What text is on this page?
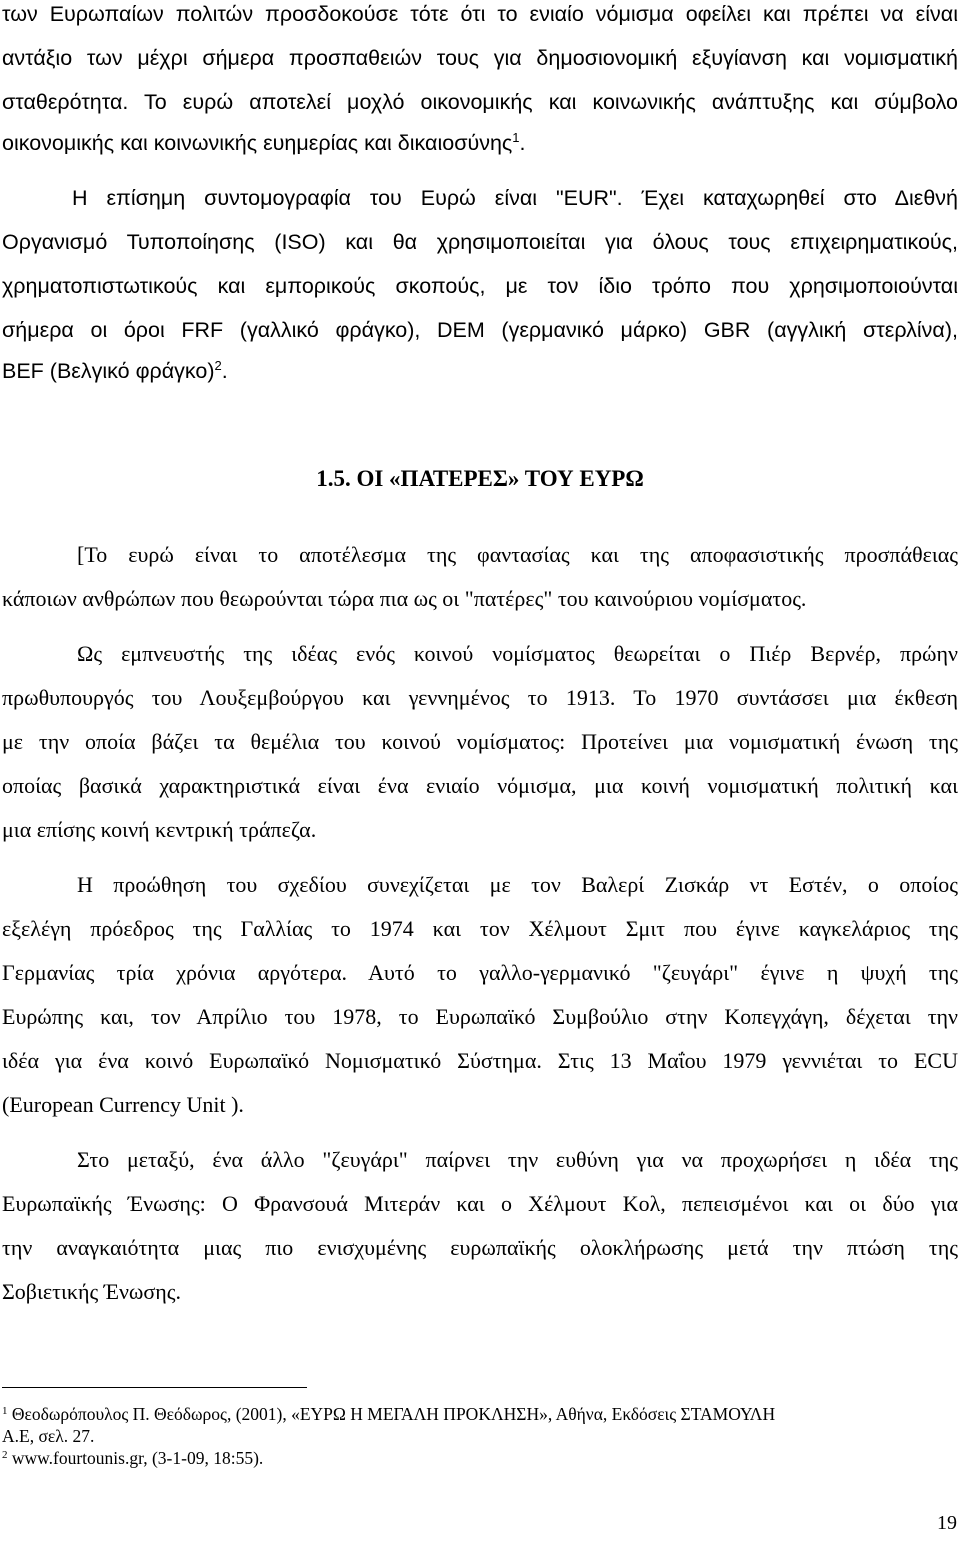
των Ευρωπαίων πολιτών προσδοκούσε τότε ότι το ενιαίο νόμισμα οφείλει και πρέπει να είναι
αντάξιο των μέχρι σήμερα προσπαθειών τους για δημοσιονομική εξυγίανση και νομισματική
σταθερότητα. Το ευρώ αποτελεί μοχλό οικονομικής και κοινωνικής ανάπτυξης και σύμβολο
οικονομικής και κοινωνικής ευημερίας και δικαιοσύνης$^1$.
Η επίσημη συντομογραφία του Ευρώ είναι "EUR". Έχει καταχωρηθεί στο Διεθνή
Οργανισμό Τυποποίησης (ISO) και θα χρησιμοποιείται για όλους τους επιχειρηματικούς,
χρηματοπιστωτικούς και εμπορικούς σκοπούς, με τον ίδιο τρόπο που χρησιμοποιούνται
σήμερα οι όροι FRF (γαλλικό φράγκο), DEM (γερμανικό μάρκο) GBR (αγγλική στερλίνα),
BEF (Βελγικό φράγκο)$^2$.
1.5. ΟΙ «ΠΑΤΕΡΕΣ» ΤΟΥ ΕΥΡΩ
[Το ευρώ είναι το αποτέλεσμα της φαντασίας και της αποφασιστικής προσπάθειας
κάποιων ανθρώπων που θεωρούνται τώρα πια ως οι "πατέρες" του καινούριου νομίσματος.
Ως εμπνευστής της ιδέας ενός κοινού νομίσματος θεωρείται ο Πιέρ Βερνέρ, πρώην
πρωθυπουργός του Λουξεμβούργου και γεννημένος το 1913. Το 1970 συντάσσει μια έκθεση
με την οποία βάζει τα θεμέλια του κοινού νομίσματος: Προτείνει μια νομισματική ένωση της
οποίας βασικά χαρακτηριστικά είναι ένα ενιαίο νόμισμα, μια κοινή νομισματική πολιτική και
μια επίσης κοινή κεντρική τράπεζα.
Η προώθηση του σχεδίου συνεχίζεται με τον Βαλερί Ζισκάρ ντ Εστέν, ο οποίος
εξελέγη πρόεδρος της Γαλλίας το 1974 και τον Χέλμουτ Σμιτ που έγινε καγκελάριος της
Γερμανίας τρία χρόνια αργότερα. Αυτό το γαλλο-γερμανικό "ζευγάρι" έγινε η ψυχή της
Ευρώπης και, τον Απρίλιο του 1978, το Ευρωπαϊκό Συμβούλιο στην Κοπεγχάγη, δέχεται την
ιδέα για ένα κοινό Ευρωπαϊκό Νομισματικό Σύστημα. Στις 13 Μαΐου 1979 γεννιέται το ECU
(European Currency Unit ).
Στο μεταξύ, ένα άλλο "ζευγάρι" παίρνει την ευθύνη για να προχωρήσει η ιδέα της
Ευρωπαϊκής Ένωσης: Ο Φρανσουά Μιτεράν και ο Χέλμουτ Κολ, πεπεισμένοι και οι δύο για
την αναγκαιότητα μιας πιο ενισχυμένης ευρωπαϊκής ολοκλήρωσης μετά την πτώση της
Σοβιετικής Ένωσης.
$^1$ Θεοδωρόπουλος Π. Θεόδωρος, (2001), «ΕΥΡΩ Η ΜΕΓΑΛΗ ΠΡΟΚΛΗΣΗ», Αθήνα, Εκδόσεις ΣΤΑΜΟΥΛΗ
Α.Ε, σελ. 27.
$^2$ www.fourtounis.gr, (3-1-09, 18:55).
19
